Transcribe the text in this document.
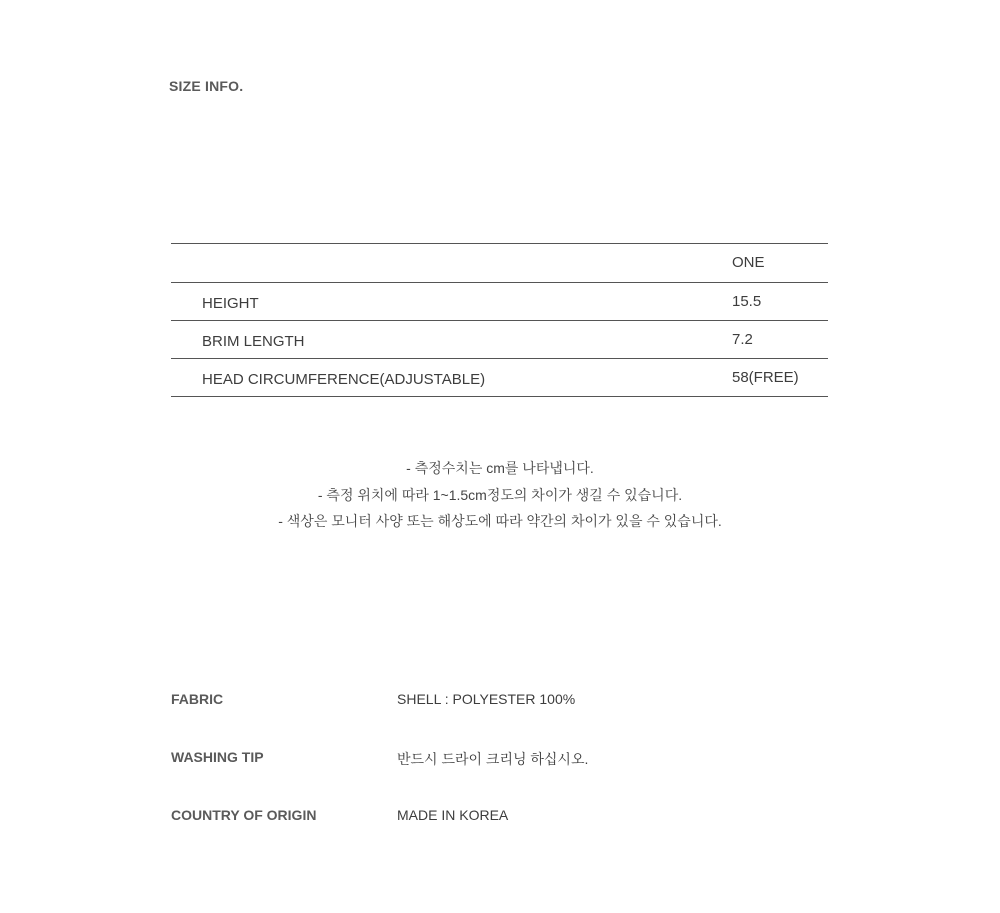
SIZE INFO.
ONE
HEIGHT	15.5
BRIM LENGTH	7.2
HEAD CIRCUMFERENCE(ADJUSTABLE)	58(FREE)
- 측정수치는 cm를 나타냅니다.
- 측정 위치에 따라 1~1.5cm정도의 차이가 생길 수 있습니다.
- 색상은 모니터 사양 또는 해상도에 따라 약간의 차이가 있을 수 있습니다.
FABRIC	SHELL : POLYESTER 100%
WASHING TIP	반드시 드라이 크리닝 하십시오.
COUNTRY OF ORIGIN	MADE IN KOREA
